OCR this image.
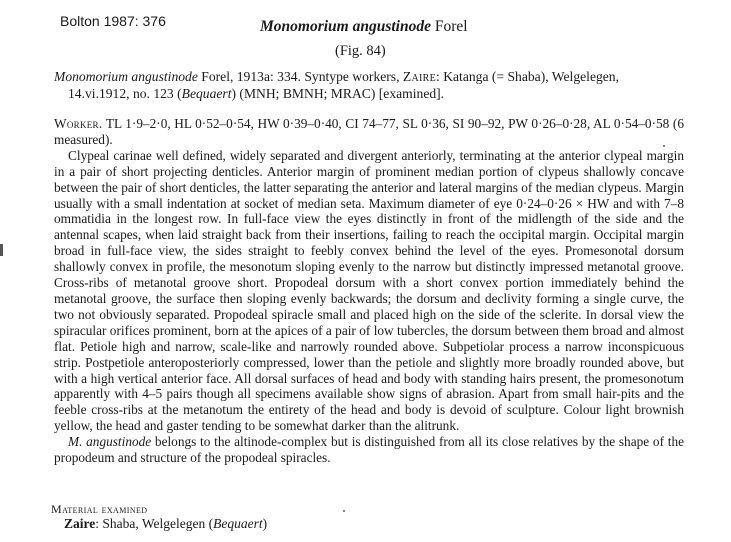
Bolton 1987: 376	Monomorium angustinode Forel
(Fig. 84)
Monomorium angustinode Forel, 1913a: 334. Syntype workers, Zaire: Katanga (= Shaba), Welgelegen,
14.vi.1912, no. 123 (Bequaert) (MNH; BMNH; MRAC) [examined].

Worker. TL 1·9–2·0, HL 0·52–0·54, HW 0·39–0·40, CI 74–77, SL 0·36, SI 90–92, PW 0·26–0·28, AL 0·54–0·58 (6 measured).

Clypeal carinae well defined, widely separated and divergent anteriorly, terminating at the anterior clypeal margin in a pair of short projecting denticles. Anterior margin of prominent median portion of clypeus shallowly concave between the pair of short denticles, the latter separating the anterior and lateral margins of the median clypeus. Margin usually with a small indentation at socket of median seta. Maximum diameter of eye 0·24–0·26 × HW and with 7–8 ommatidia in the longest row. In full-face view the eyes distinctly in front of the midlength of the side and the antennal scapes, when laid straight back from their insertions, failing to reach the occipital margin. Occipital margin broad in full-face view, the sides straight to feebly convex behind the level of the eyes. Promesonotal dorsum shallowly convex in profile, the mesonotum sloping evenly to the narrow but distinctly impressed metanotal groove. Cross-ribs of metanotal groove short. Propodeal dorsum with a short convex portion immediately behind the metanotal groove, the surface then sloping evenly backwards; the dorsum and declivity forming a single curve, the two not obviously separated. Propodeal spiracle small and placed high on the side of the sclerite. In dorsal view the spiracular orifices prominent, born at the apices of a pair of low tubercles, the dorsum between them broad and almost flat. Petiole high and narrow, scale-like and narrowly rounded above. Subpetiolar process a narrow inconspicuous strip. Postpetiole anteroposteriorly compressed, lower than the petiole and slightly more broadly rounded above, but with a high vertical anterior face. All dorsal surfaces of head and body with standing hairs present, the promesonotum apparently with 4–5 pairs though all specimens available show signs of abrasion. Apart from small hair-pits and the feeble cross-ribs at the metanotum the entirety of the head and body is devoid of sculpture. Colour light brownish yellow, the head and gaster tending to be somewhat darker than the alitrunk.

M. angustinode belongs to the altinode-complex but is distinguished from all its close relatives by the shape of the propodeum and structure of the propodeal spiracles.

Material examined
Zaire: Shaba, Welgelegen (Bequaert)
